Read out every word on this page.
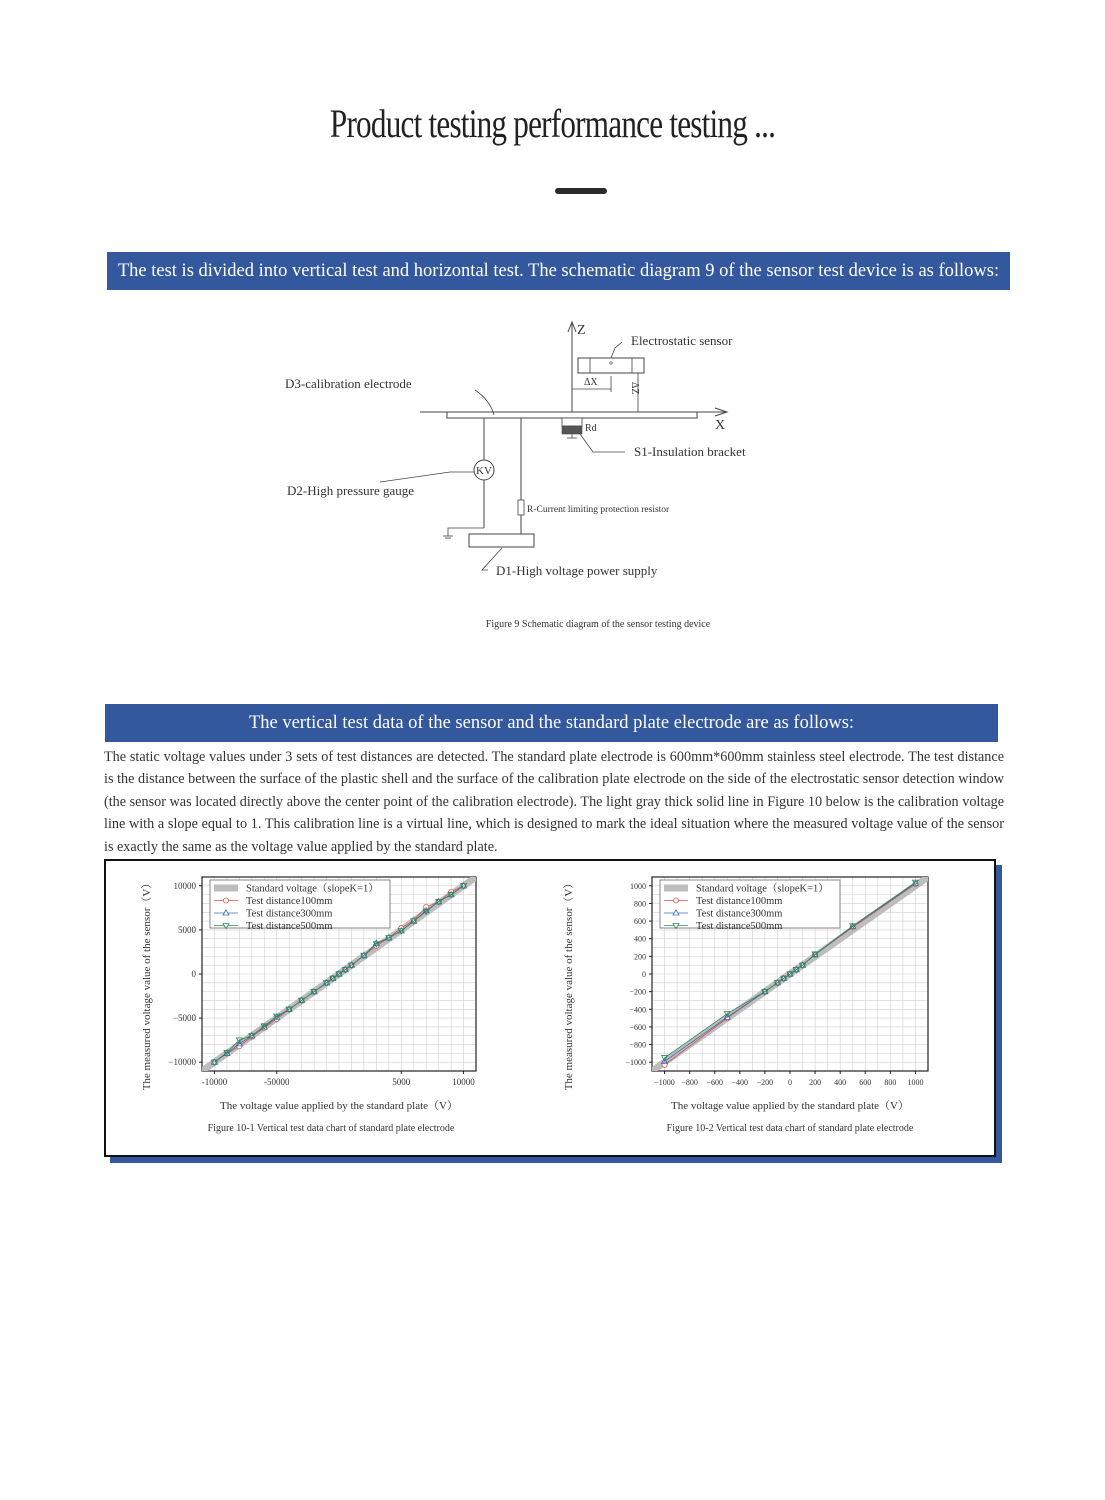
Product testing performance testing ...
The test is divided into vertical test and horizontal test. The schematic diagram 9 of the sensor test device is as follows:
Z
X
D3-calibration electrode
Electrostatic sensor
ΔX	ΔZ
Rd
S1-Insulation bracket
KV
D2-High pressure gauge
R-Current limiting protection resistor
D1-High voltage power supply
Figure 9 Schematic diagram of the sensor testing device
The vertical test data of the sensor and the standard plate electrode are as follows:
The static voltage values under 3 sets of test distances are detected. The standard plate electrode is 600mm*600mm stainless steel electrode. The test distance is the distance between the surface of the plastic shell and the surface of the calibration plate electrode on the side of the electrostatic sensor detection window (the sensor was located directly above the center point of the calibration electrode). The light gray thick solid line in Figure 10 below is the calibration voltage line with a slope equal to 1. This calibration line is a virtual line, which is designed to mark the ideal situation where the measured voltage value of the sensor is exactly the same as the voltage value applied by the standard plate.
-10000	-50000	5000	10000
10000
5000
0
−5000
−10000
Standard voltage（slopeK=1）
Test distance100mm
Test distance300mm
Test distance500mm
The voltage value applied by the standard plate（V）
The measured voltage value of the sensor（V）
Figure 10-1 Vertical test data chart of standard plate electrode
−1000 −800 −600 −400 −200 0 200 400 600 800 1000
1000
800
600
400
200
0
−200
−400
−600
−800
−1000
Standard voltage（slopeK=1）
Test distance100mm
Test distance300mm
Test distance500mm
The voltage value applied by the standard plate（V）
The measured voltage value of the sensor（V）
Figure 10-2 Vertical test data chart of standard plate electrode
